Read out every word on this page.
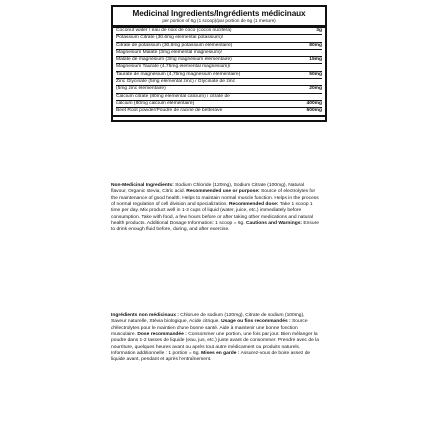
Medicinal Ingredients/Ingrédients médicinaux
per portion of 6g (1 scoop)/par portion de 6g (1 mesure)
Coconut water / eau de noix de coco (cocos nucifera)	3g
Potassium Citrate (30.6mg elemental potassium)/
Citrate de potassium (30,6mg potassium élémentaire)	80mg
Magnesium Malate (3mg elemental magnesium)/
Malate de magnésium (3mg magnésium élémentaire)	15mg
Magnesium Taurate (4.75mg elemental magnesium)/
Taurate de magnésium (4,75mg magnésium élémentaire)	50mg
Zinc Glycinate (5mg elemental zinc) / Glycinate de zinc
(5mg zinc élémentaire)	20mg
Calcium citrate (80mg elemental calcium) / citrate de
calcium (80mg calcium élémentaire)	400mg
Beet Root powder/Poudre de racine de betterave	500mg
Non-Medicinal Ingredients: Sodium Chloride (120mg), Sodium Citrate (100mg), Natural flavour, Organic stevia, Citric acid. Recommended use or purpose: Source of electrolytes for the maintenance of good health. Helps to maintain normal muscle function. Helps in the process of normal regulation of cell division and specialization. Recommended dose: Take 1 scoop 1 time per day. Mix product well in 1-2 cups of liquid (water, juice, etc.) immediately before consumption. Take with food, a few hours before or after taking other medications and natural health products. Additional Dosage Information: 1 scoop = 6g. Cautions and Warnings: Ensure to drink enough fluid before, during, and after exercise.
Ingrédients non médicinaux : Chlorure de sodium (120mg), Citrate de sodium (100mg), Saveur naturelle, Stévia biologique, Acide citrique. Usage ou fins recommandés : Source d'électrolytes pour le maintien d'une bonne santé. Aide à maintenir une bonne fonction musculaire. Dose recommandée : Consommer une portion, une fois par jour. Bien mélanger la poudre dans 1-2 tasses de liquide (eau, jus, etc.) juste avant de consommer. Prendre avec de la nourriture, quelques heures avant ou après tout autre médicament ou produits naturels. Information additionnelle : 1 portion = 6g. Mises en garde : Assurez-vous de boire assez de liquide avant, pendant et après l'entraînement.
